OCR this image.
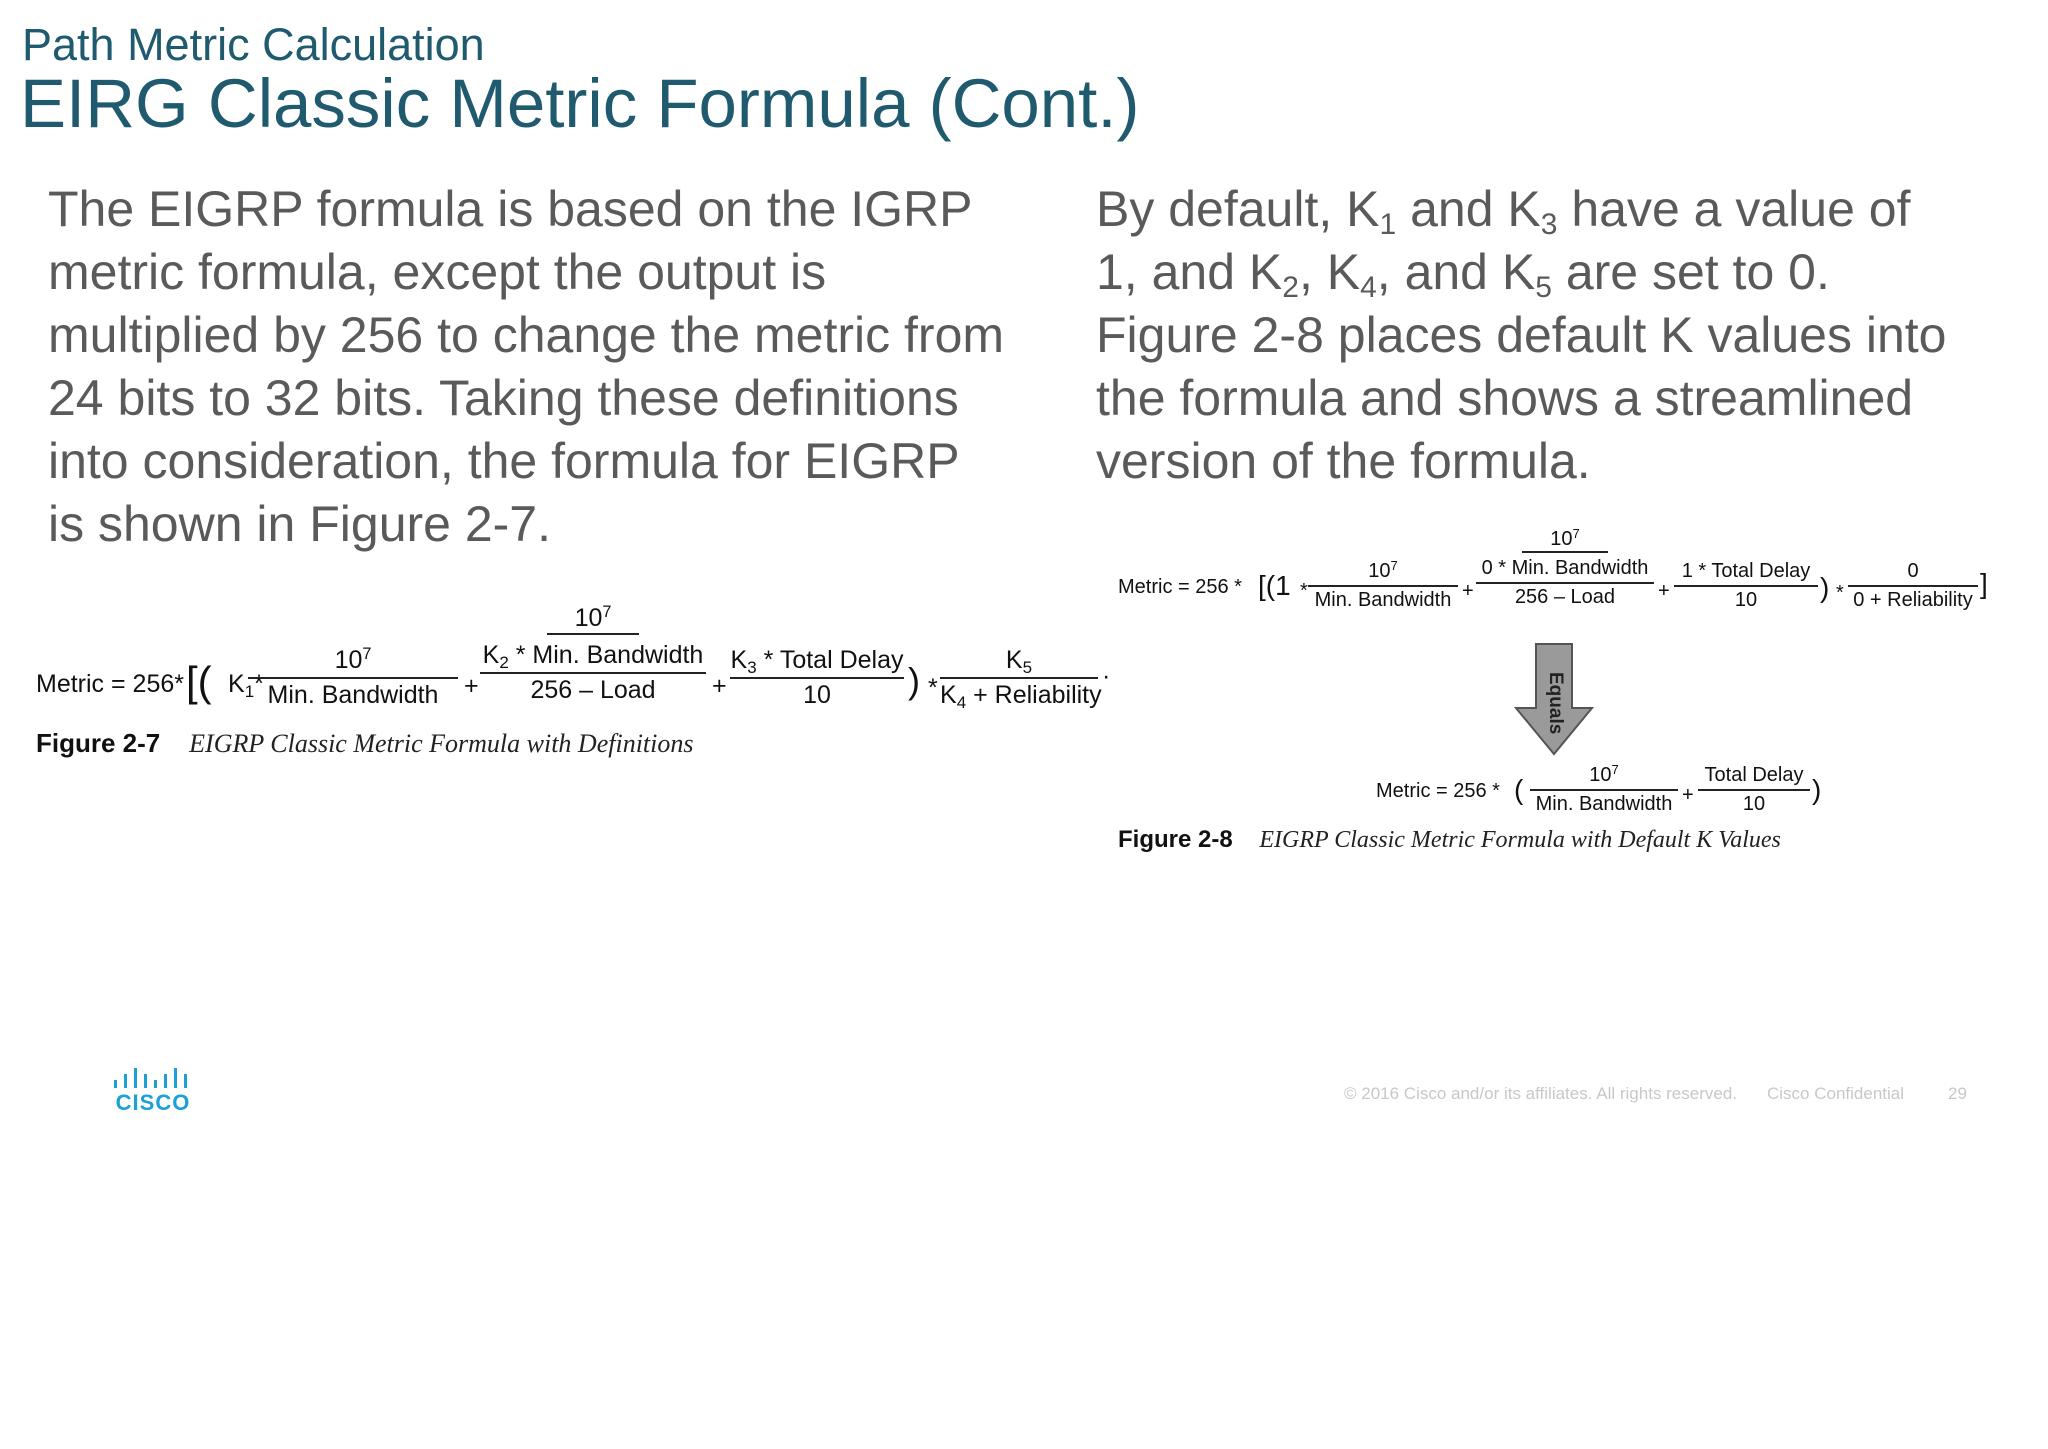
Path Metric Calculation
EIRG Classic Metric Formula (Cont.)
The EIGRP formula is based on the IGRP
metric formula, except the output is
multiplied by 256 to change the metric from
24 bits to 32 bits. Taking these definitions
into consideration, the formula for EIGRP
is shown in Figure 2-7.
By default, $K_1$ and $K_3$ have a value of
1, and $K_2$, $K_4$, and $K_5$ are set to 0.
Figure 2-8 places default K values into
the formula and shows a streamlined
version of the formula.
Metric = 256* [( $K_1*$
$10^7$
Min. Bandwidth	+
$10^7$
$K_2$ * Min. Bandwidth
256 – Load	+
$K_3$ * Total Delay
10	) *
$K_5$
$K_4$ + Reliability
·
Figure 2-7 EIGRP Classic Metric Formula with Definitions
Metric = 256 * [(1 *
$10^7$
Min. Bandwidth +
$10^7$
0 * Min. Bandwidth
256 – Load	+
1 * Total Delay
10	) *
0
0 + Reliability
]
Equals
Metric = 256 * (	$10^7$
Min. Bandwidth +
Total Delay
10	)
Figure 2-8 EIGRP Classic Metric Formula with Default K Values
CISCO	© 2016 Cisco and/or its affiliates. All rights reserved. Cisco Confidential	29
